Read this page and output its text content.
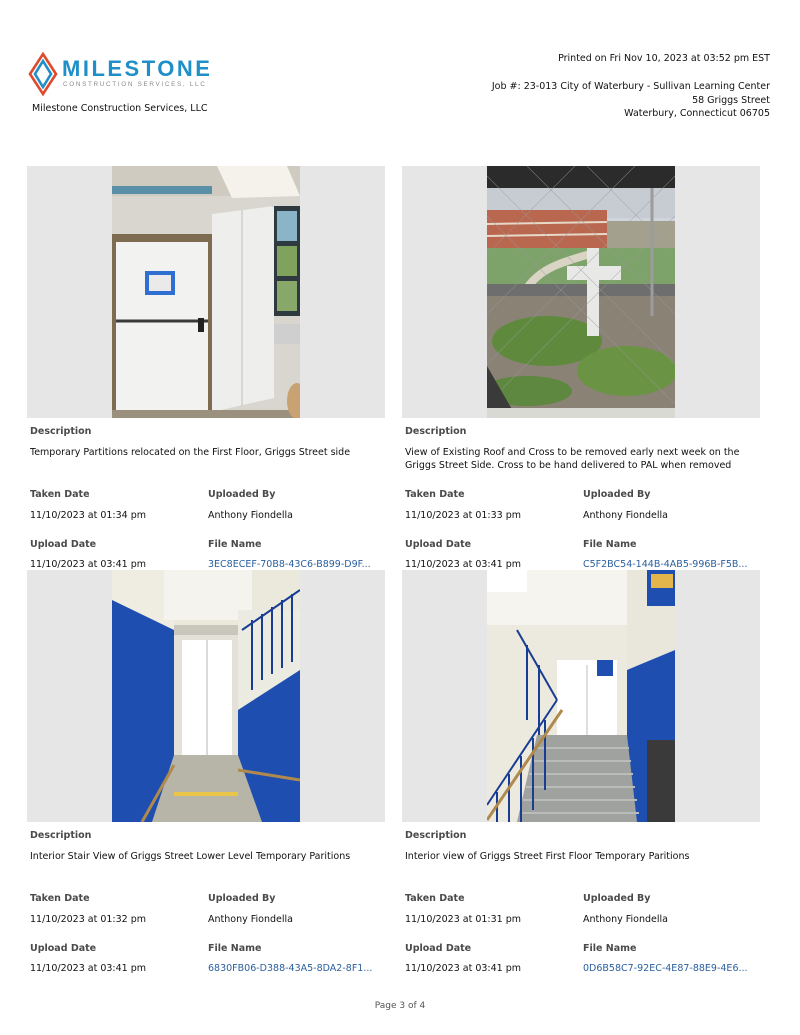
MILESTONE
CONSTRUCTION SERVICES, LLC
Milestone Construction Services, LLC
Printed on Fri Nov 10, 2023 at 03:52 pm EST
Job #: 23-013 City of Waterbury - Sullivan Learning Center
58 Griggs Street
Waterbury, Connecticut 06705
Description
Temporary Partitions relocated on the First Floor, Griggs Street side
Taken Date	Uploaded By
11/10/2023 at 01:34 pm	Anthony Fiondella
Upload Date	File Name
11/10/2023 at 03:41 pm	3EC8ECEF-70B8-43C6-B899-D9F...
Description
View of Existing Roof and Cross to be removed early next week on the Griggs Street Side. Cross to be hand delivered to PAL when removed
Taken Date	Uploaded By
11/10/2023 at 01:33 pm	Anthony Fiondella
Upload Date	File Name
11/10/2023 at 03:41 pm	C5F2BC54-144B-4AB5-996B-F5B...
Description
Interior Stair View of Griggs Street Lower Level Temporary Paritions
Taken Date	Uploaded By
11/10/2023 at 01:32 pm	Anthony Fiondella
Upload Date	File Name
11/10/2023 at 03:41 pm	6830FB06-D388-43A5-8DA2-8F1...
Description
Interior view of Griggs Street First Floor Temporary Paritions
Taken Date	Uploaded By
11/10/2023 at 01:31 pm	Anthony Fiondella
Upload Date	File Name
11/10/2023 at 03:41 pm	0D6B58C7-92EC-4E87-88E9-4E6...
Page 3 of 4
